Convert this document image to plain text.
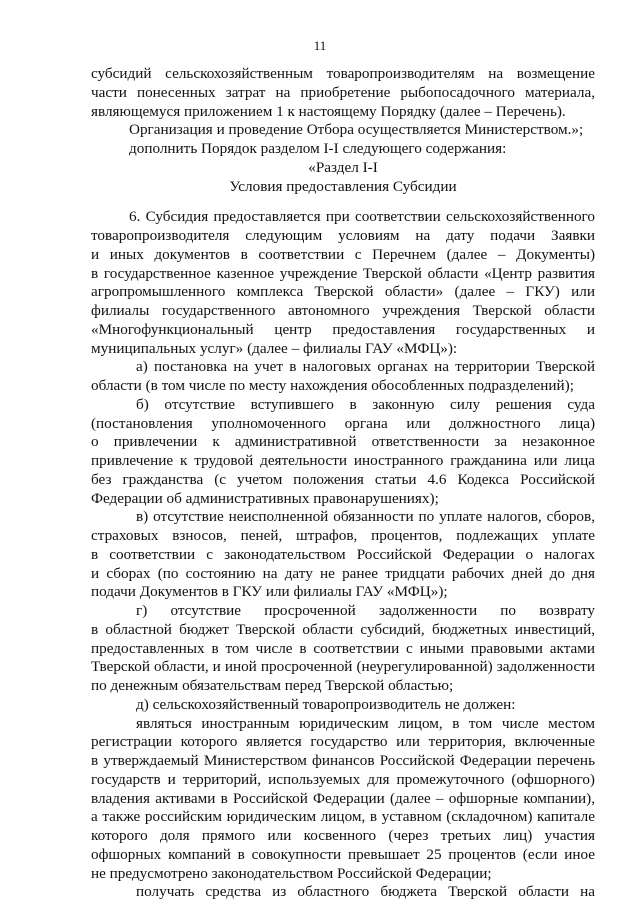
11
субсидий сельскохозяйственным товаропроизводителям на возмещение
части понесенных затрат на приобретение рыбопосадочного материала,
являющемуся приложением 1 к настоящему Порядку (далее – Перечень).
Организация и проведение Отбора осуществляется Министерством.»;
дополнить Порядок разделом I-I следующего содержания:
«Раздел I-I
Условия предоставления Субсидии
6. Субсидия предоставляется при соответствии сельскохозяйственного
товаропроизводителя следующим условиям на дату подачи Заявки
и иных документов в соответствии с Перечнем (далее – Документы)
в государственное казенное учреждение Тверской области «Центр развития
агропромышленного комплекса Тверской области» (далее – ГКУ) или
филиалы государственного автономного учреждения Тверской области
«Многофункциональный центр предоставления государственных и
муниципальных услуг» (далее – филиалы ГАУ «МФЦ»):
а) постановка на учет в налоговых органах на территории Тверской
области (в том числе по месту нахождения обособленных подразделений);
б) отсутствие вступившего в законную силу решения суда
(постановления уполномоченного органа или должностного лица)
о привлечении к административной ответственности за незаконное
привлечение к трудовой деятельности иностранного гражданина или лица
без гражданства (с учетом положения статьи 4.6 Кодекса Российской
Федерации об административных правонарушениях);
в) отсутствие неисполненной обязанности по уплате налогов, сборов,
страховых взносов, пеней, штрафов, процентов, подлежащих уплате
в соответствии с законодательством Российской Федерации о налогах
и сборах (по состоянию на дату не ранее тридцати рабочих дней до дня
подачи Документов в ГКУ или филиалы ГАУ «МФЦ»);
г) отсутствие просроченной задолженности по возврату
в областной бюджет Тверской области субсидий, бюджетных инвестиций,
предоставленных в том числе в соответствии с иными правовыми актами
Тверской области, и иной просроченной (неурегулированной) задолженности
по денежным обязательствам перед Тверской областью;
д) сельскохозяйственный товаропроизводитель не должен:
являться иностранным юридическим лицом, в том числе местом
регистрации которого является государство или территория, включенные
в утверждаемый Министерством финансов Российской Федерации перечень
государств и территорий, используемых для промежуточного (офшорного)
владения активами в Российской Федерации (далее – офшорные компании),
а также российским юридическим лицом, в уставном (складочном) капитале
которого доля прямого или косвенного (через третьих лиц) участия
офшорных компаний в совокупности превышает 25 процентов (если иное
не предусмотрено законодательством Российской Федерации;
получать средства из областного бюджета Тверской области на
